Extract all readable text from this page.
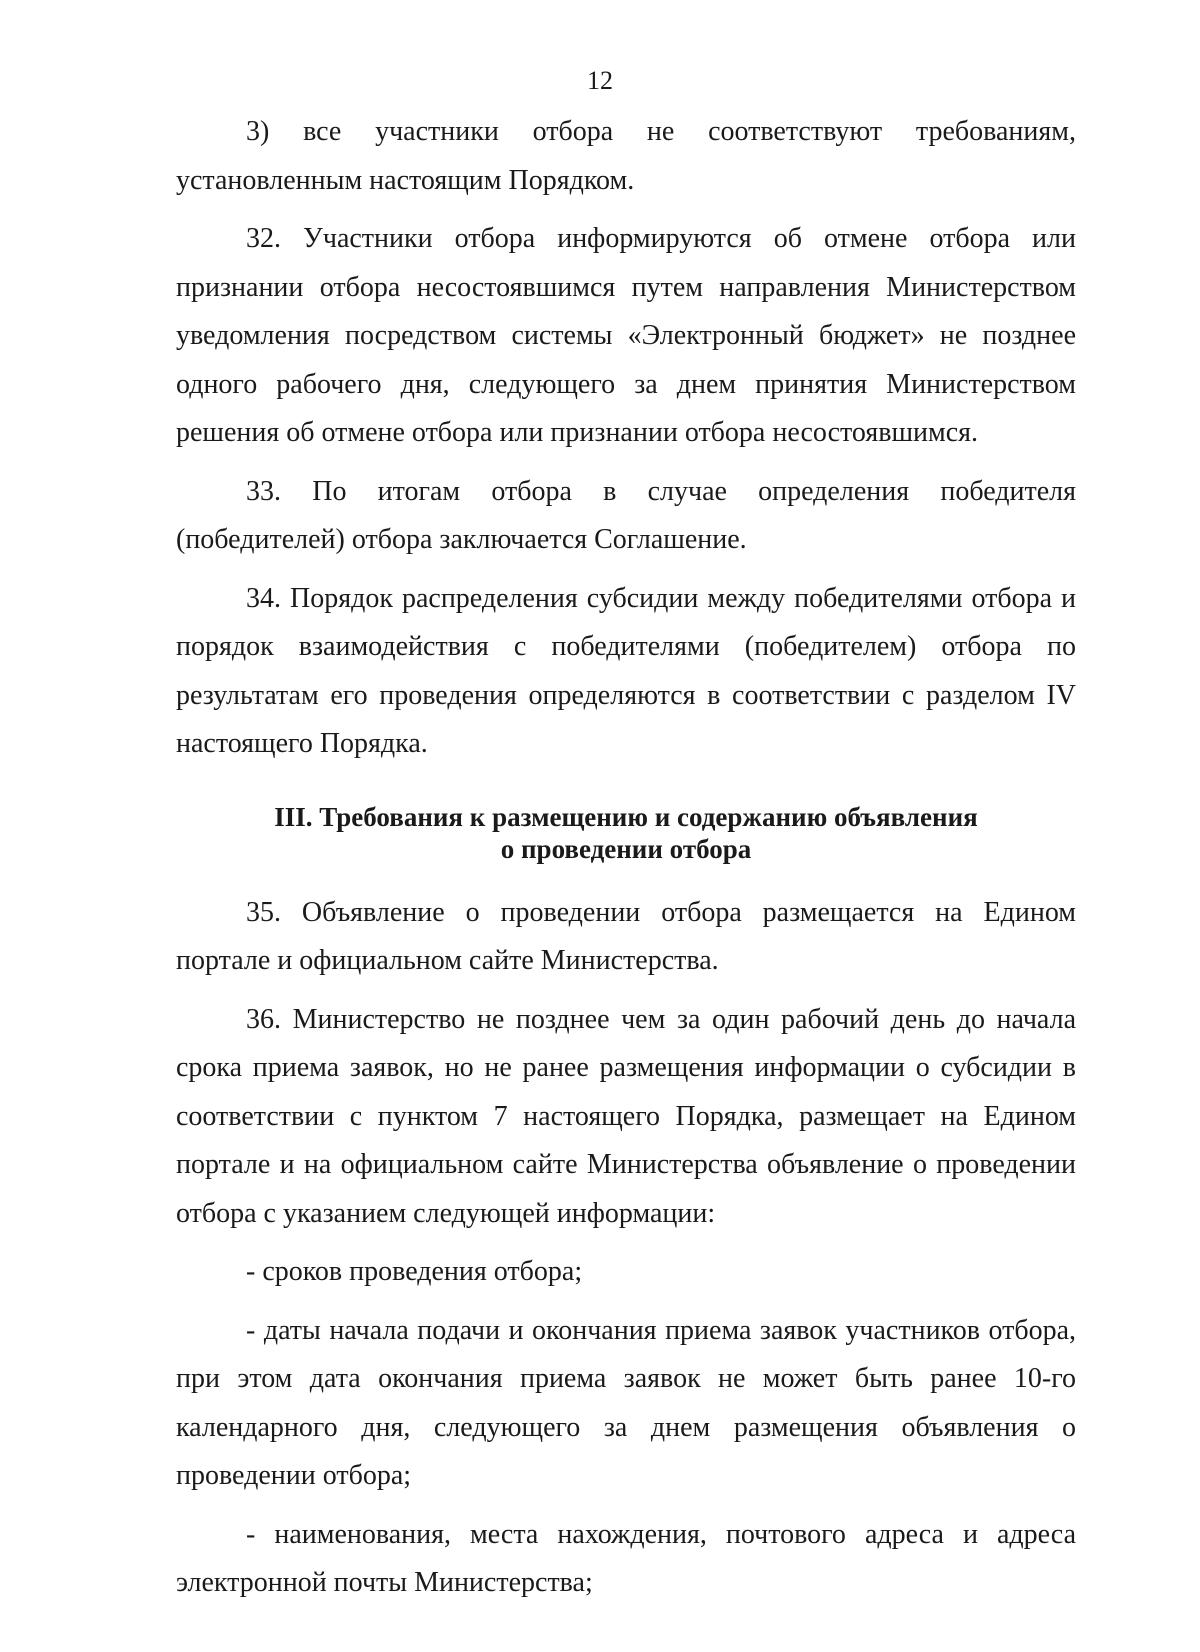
12

3) все участники отбора не соответствуют требованиям, установленным настоящим Порядком.

32. Участники отбора информируются об отмене отбора или признании отбора несостоявшимся путем направления Министерством уведомления посредством системы «Электронный бюджет» не позднее одного рабочего дня, следующего за днем принятия Министерством решения об отмене отбора или признании отбора несостоявшимся.

33. По итогам отбора в случае определения победителя (победителей) отбора заключается Соглашение.

34. Порядок распределения субсидии между победителями отбора и порядок взаимодействия с победителями (победителем) отбора по результатам его проведения определяются в соответствии с разделом IV настоящего Порядка.

III. Требования к размещению и содержанию объявления
о проведении отбора

35. Объявление о проведении отбора размещается на Едином портале и официальном сайте Министерства.

36. Министерство не позднее чем за один рабочий день до начала срока приема заявок, но не ранее размещения информации о субсидии в соответствии с пунктом 7 настоящего Порядка, размещает на Едином портале и на официальном сайте Министерства объявление о проведении отбора с указанием следующей информации:

- сроков проведения отбора;

- даты начала подачи и окончания приема заявок участников отбора, при этом дата окончания приема заявок не может быть ранее 10-го календарного дня, следующего за днем размещения объявления о проведении отбора;

- наименования, места нахождения, почтового адреса и адреса электронной почты Министерства;
